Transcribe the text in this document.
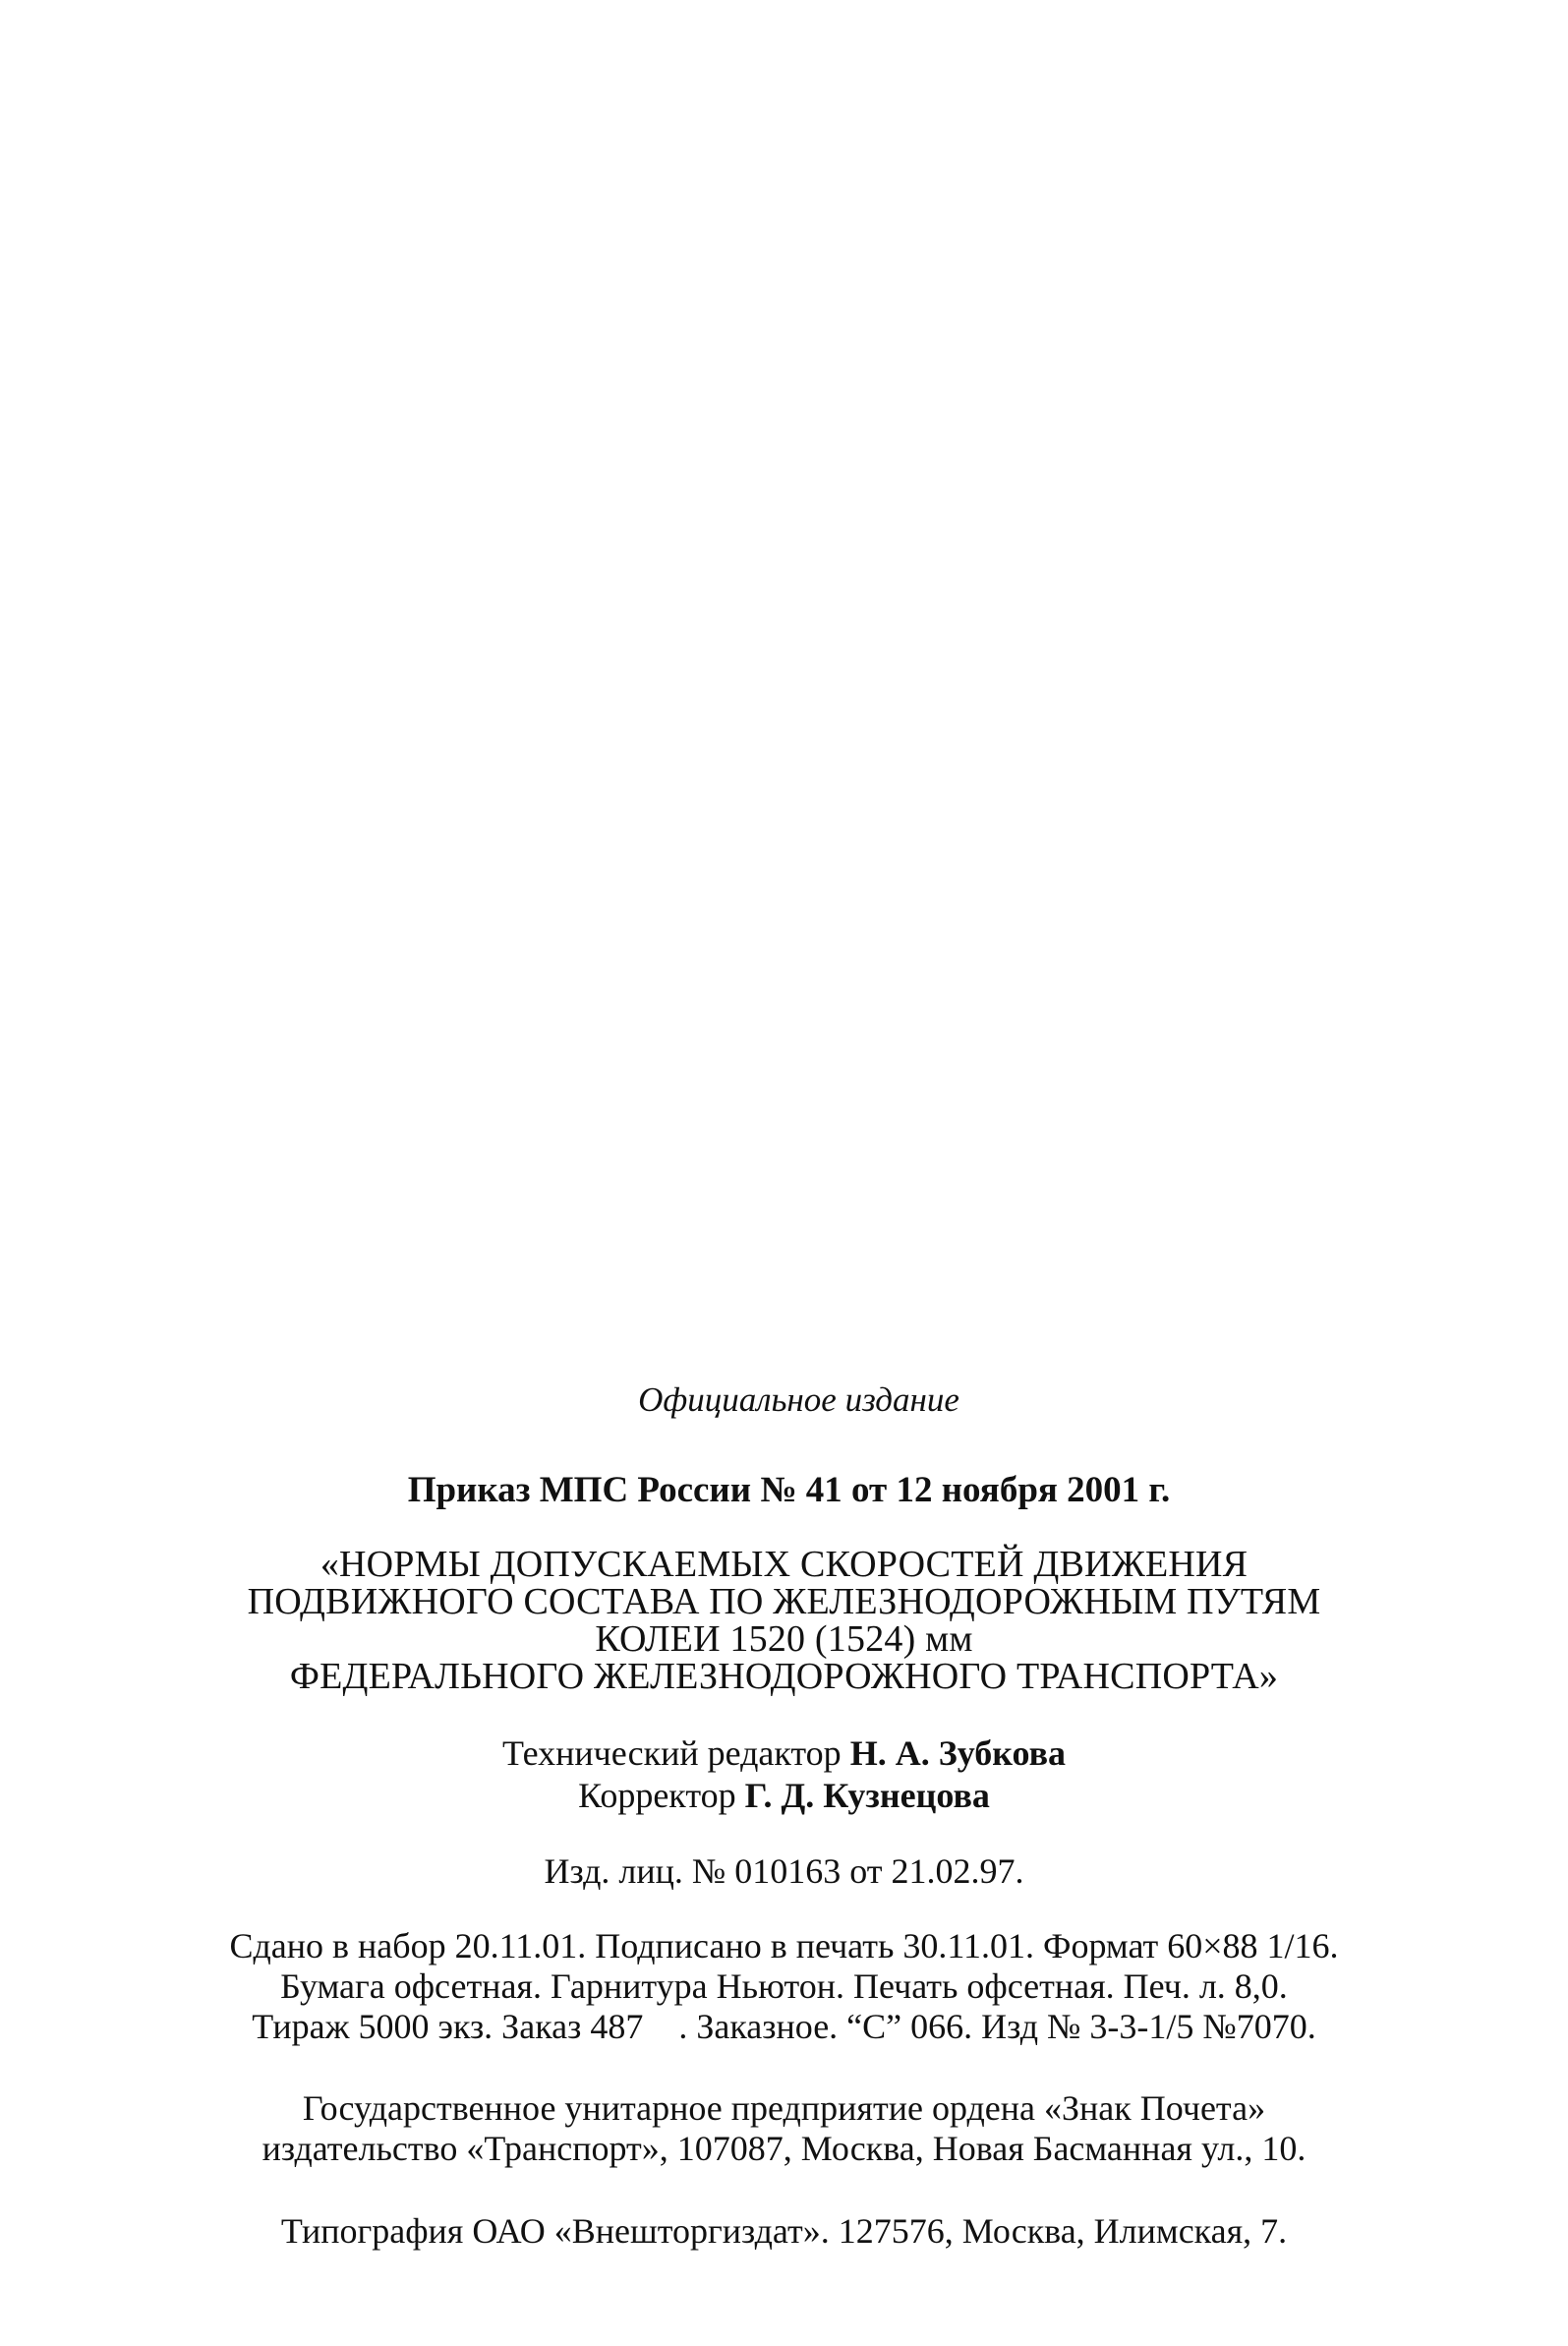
Официальное издание
Приказ МПС России № 41 от 12 ноября 2001 г.
«НОРМЫ ДОПУСКАЕМЫХ СКОРОСТЕЙ ДВИЖЕНИЯ
ПОДВИЖНОГО СОСТАВА ПО ЖЕЛЕЗНОДОРОЖНЫМ ПУТЯМ
КОЛЕИ 1520 (1524) мм
ФЕДЕРАЛЬНОГО ЖЕЛЕЗНОДОРОЖНОГО ТРАНСПОРТА»
Технический редактор Н. А. Зубкова
Корректор Г. Д. Кузнецова
Изд. лиц. № 010163 от 21.02.97.
Сдано в набор 20.11.01. Подписано в печать 30.11.01. Формат 60×88 1/16.
Бумага офсетная. Гарнитура Ньютон. Печать офсетная. Печ. л. 8,0.
Тираж 5000 экз. Заказ 487    . Заказное. “С” 066. Изд № 3-3-1/5 №7070.
Государственное унитарное предприятие ордена «Знак Почета»
издательство «Транспорт», 107087, Москва, Новая Басманная ул., 10.
Типография ОАО «Внешторгиздат». 127576, Москва, Илимская, 7.
